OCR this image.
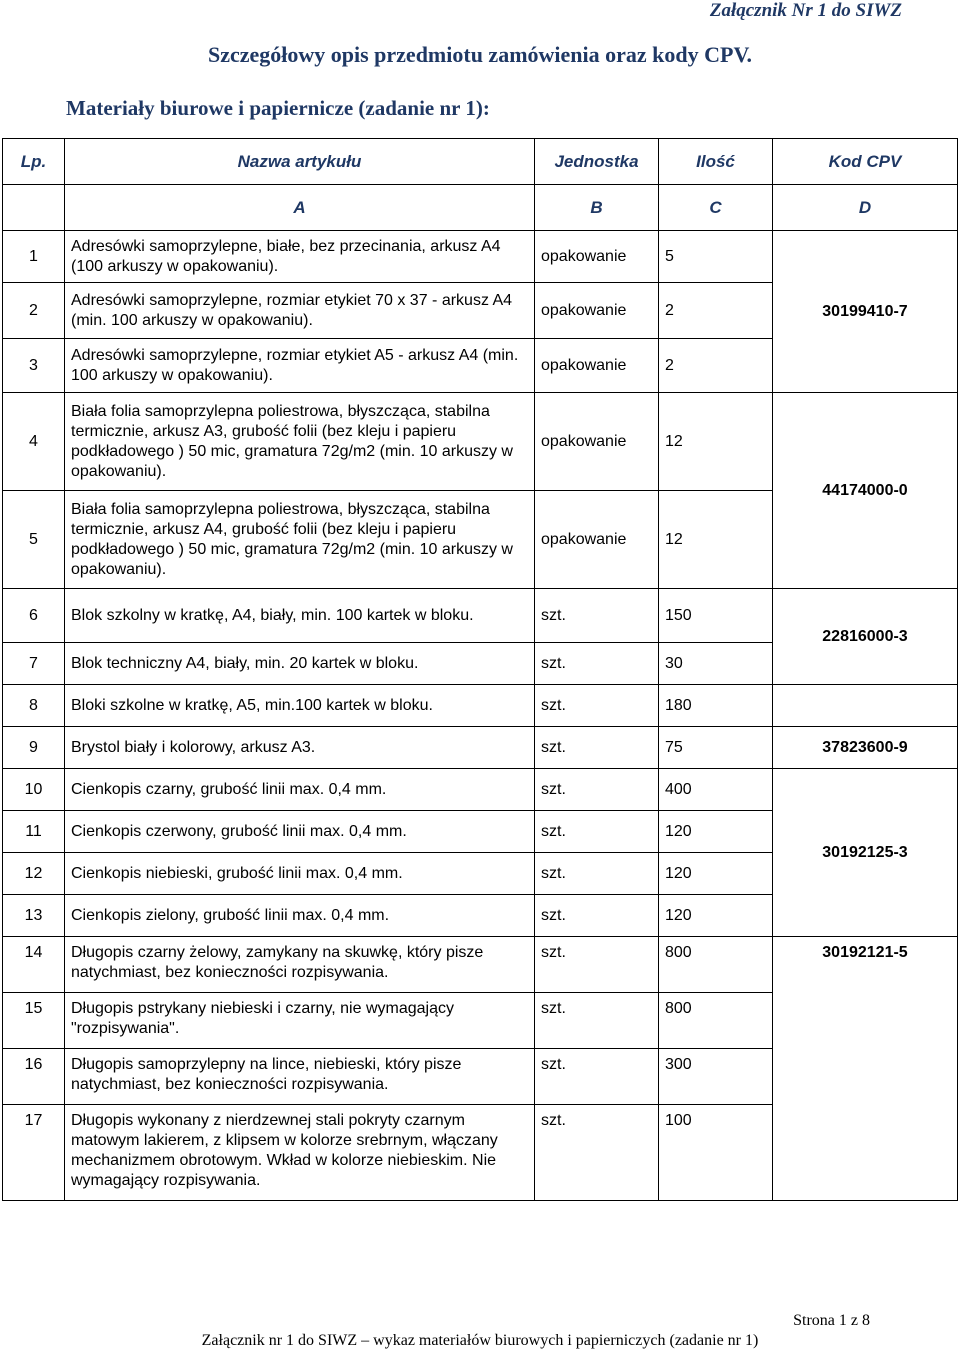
Załącznik Nr 1 do SIWZ
Szczegółowy opis przedmiotu zamówienia oraz kody CPV.
Materiały biurowe i papiernicze (zadanie nr 1):
Lp.	Nazwa artykułu	Jednostka	Ilość	Kod CPV
	A	B	C	D
1	Adresówki samoprzylepne, białe, bez przecinania, arkusz A4 (100 arkuszy w opakowaniu).	opakowanie	5	30199410-7
2	Adresówki samoprzylepne, rozmiar etykiet 70 x 37 - arkusz A4 (min. 100 arkuszy w opakowaniu).	opakowanie	2	
3	Adresówki samoprzylepne, rozmiar etykiet A5 - arkusz A4 (min. 100 arkuszy w opakowaniu).	opakowanie	2	
4	Biała folia samoprzylepna poliestrowa, błyszcząca, stabilna termicznie, arkusz A3, grubość folii (bez kleju i papieru podkładowego ) 50 mic, gramatura 72g/m2 (min. 10 arkuszy w opakowaniu).	opakowanie	12	44174000-0
5	Biała folia samoprzylepna poliestrowa, błyszcząca, stabilna termicznie, arkusz A4, grubość folii (bez kleju i papieru podkładowego ) 50 mic, gramatura 72g/m2 (min. 10 arkuszy w opakowaniu).	opakowanie	12	
6	Blok szkolny w kratkę, A4, biały, min. 100 kartek w bloku.	szt.	150	22816000-3
7	Blok techniczny A4, biały, min. 20 kartek w bloku.	szt.	30	
8	Bloki szkolne w kratkę, A5, min.100 kartek w bloku.	szt.	180	
9	Brystol biały i kolorowy, arkusz A3.	szt.	75	37823600-9
10	Cienkopis czarny, grubość linii max. 0,4 mm.	szt.	400	30192125-3
11	Cienkopis czerwony, grubość linii max. 0,4 mm.	szt.	120	
12	Cienkopis niebieski, grubość linii max. 0,4 mm.	szt.	120	
13	Cienkopis zielony, grubość linii max. 0,4 mm.	szt.	120	
14	Długopis czarny żelowy, zamykany na skuwkę, który pisze natychmiast, bez konieczności rozpisywania.	szt.	800	30192121-5
15	Długopis pstrykany niebieski i czarny, nie wymagający "rozpisywania".	szt.	800	
16	Długopis samoprzylepny na lince, niebieski, który pisze natychmiast, bez konieczności rozpisywania.	szt.	300	
17	Długopis wykonany z nierdzewnej stali pokryty czarnym matowym lakierem, z klipsem w kolorze srebrnym, włączany mechanizmem obrotowym. Wkład w kolorze niebieskim. Nie wymagający rozpisywania.	szt.	100	
Strona 1 z 8
Załącznik nr 1 do SIWZ – wykaz materiałów biurowych i papierniczych (zadanie nr 1)
